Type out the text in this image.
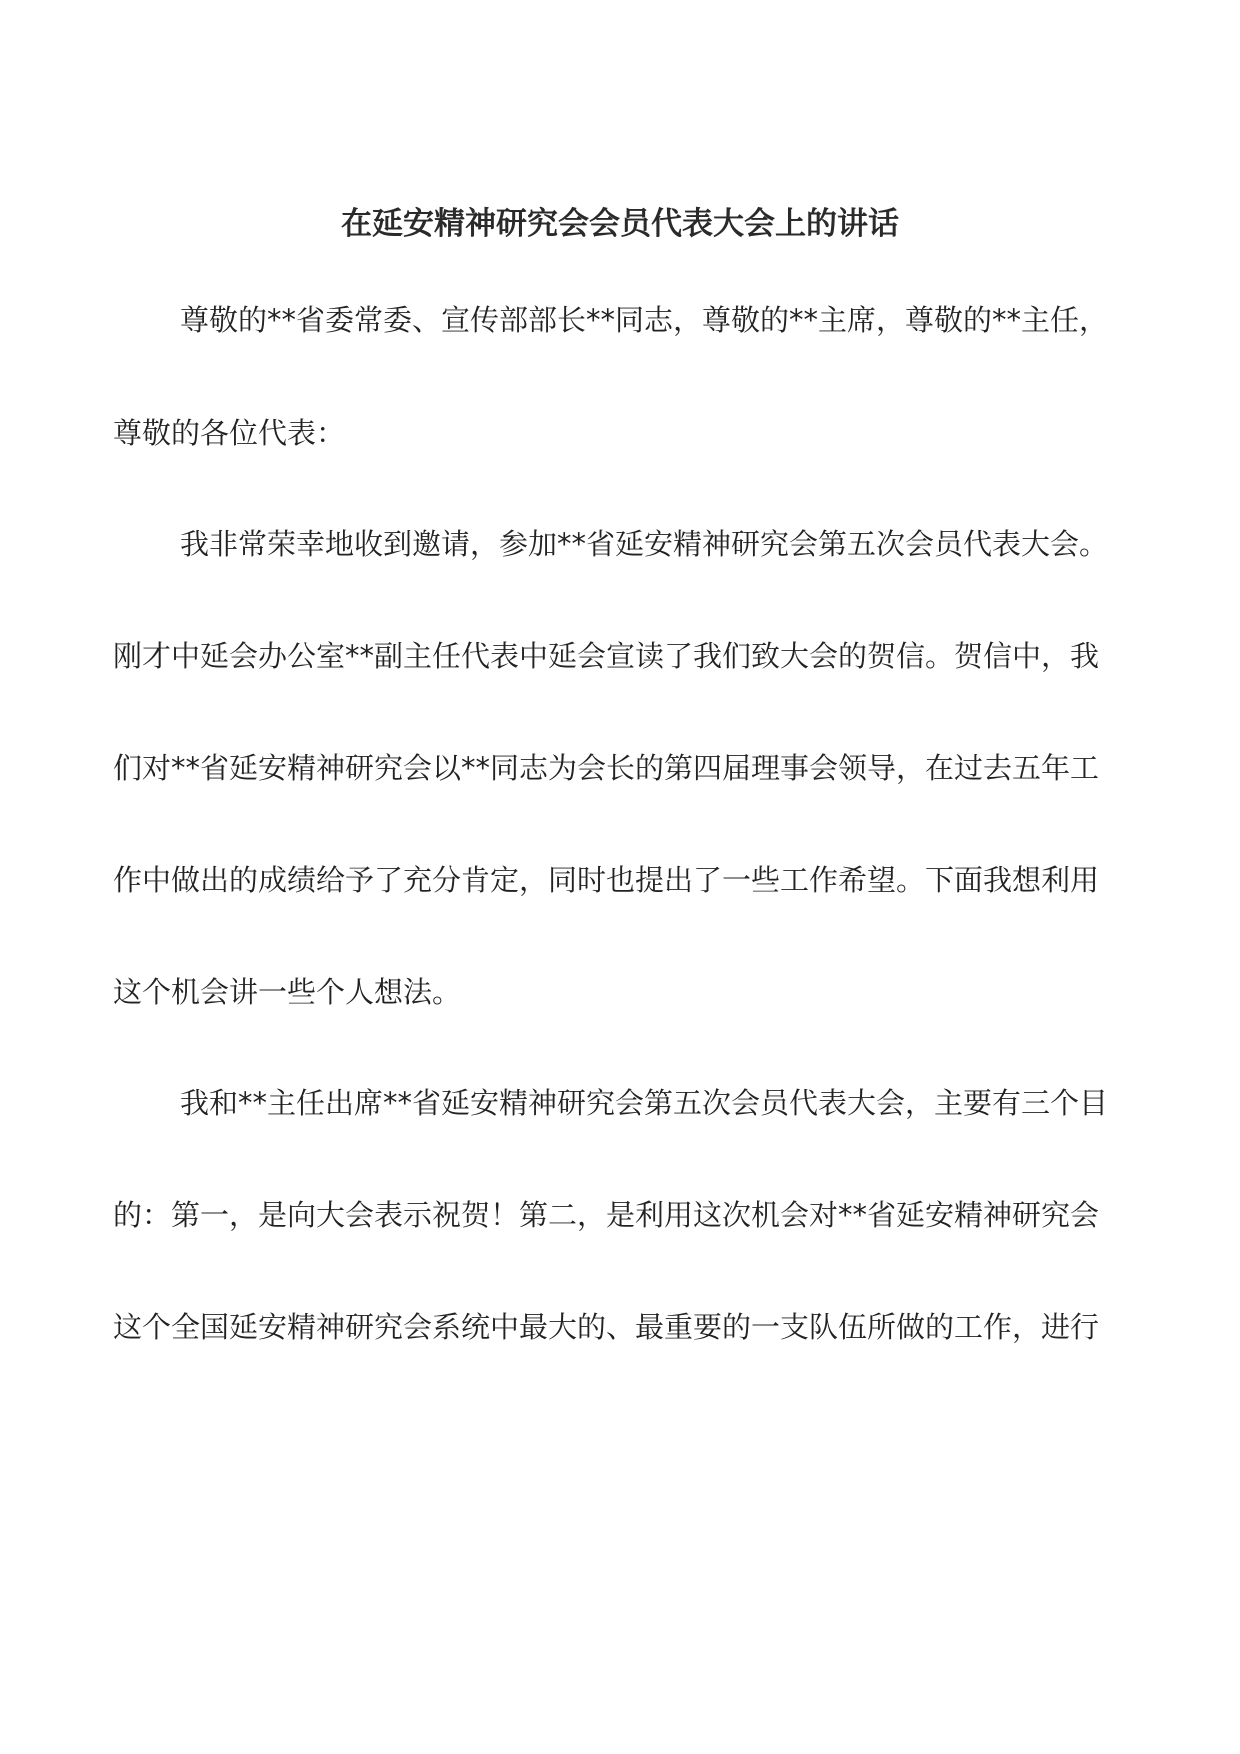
在延安精神研究会会员代表大会上的讲话
尊敬的**省委常委、宣传部部长**同志，尊敬的**主席，尊敬的**主任，
尊敬的各位代表：
我非常荣幸地收到邀请，参加**省延安精神研究会第五次会员代表大会。
刚才中延会办公室**副主任代表中延会宣读了我们致大会的贺信。贺信中，我
们对**省延安精神研究会以**同志为会长的第四届理事会领导，在过去五年工
作中做出的成绩给予了充分肯定，同时也提出了一些工作希望。下面我想利用
这个机会讲一些个人想法。
我和**主任出席**省延安精神研究会第五次会员代表大会，主要有三个目
的：第一，是向大会表示祝贺！第二，是利用这次机会对**省延安精神研究会
这个全国延安精神研究会系统中最大的、最重要的一支队伍所做的工作，进行
